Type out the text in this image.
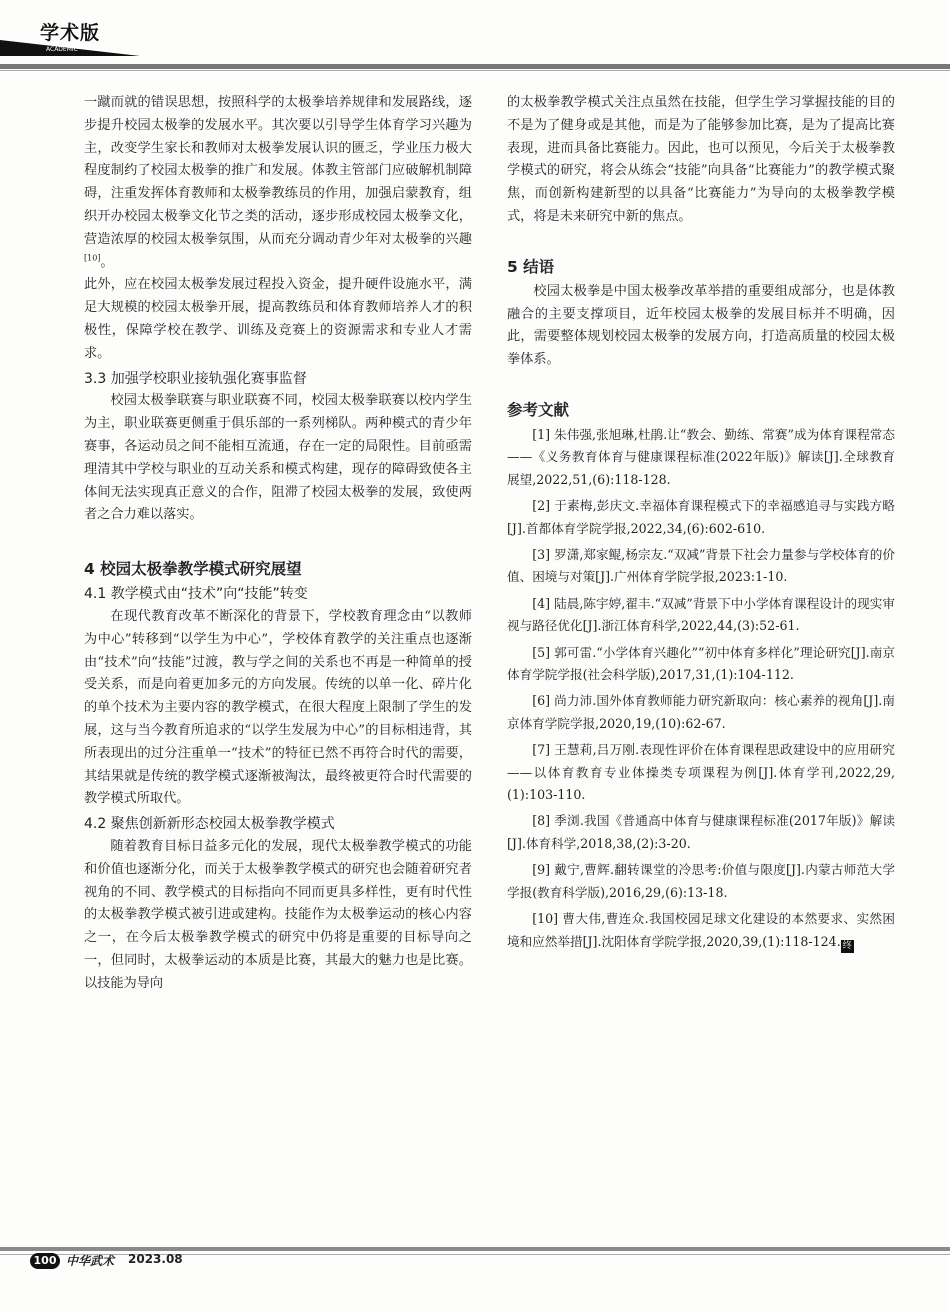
学术版
ACADEMIC

一蹴而就的错误思想，按照科学的太极拳培养规律和发展路线，逐步提升校园太极拳的发展水平。其次要以引导学生体育学习兴趣为主，改变学生家长和教师对太极拳发展认识的匮乏，学业压力极大程度制约了校园太极拳的推广和发展。体教主管部门应破解机制障碍，注重发挥体育教师和太极拳教练员的作用，加强启蒙教育，组织开办校园太极拳文化节之类的活动，逐步形成校园太极拳文化，营造浓厚的校园太极拳氛围，从而充分调动青少年对太极拳的兴趣[10]。

此外，应在校园太极拳发展过程投入资金，提升硬件设施水平，满足大规模的校园太极拳开展，提高教练员和体育教师培养人才的积极性，保障学校在教学、训练及竞赛上的资源需求和专业人才需求。

3.3 加强学校职业接轨强化赛事监督

校园太极拳联赛与职业联赛不同，校园太极拳联赛以校内学生为主，职业联赛更侧重于俱乐部的一系列梯队。两种模式的青少年赛事，各运动员之间不能相互流通，存在一定的局限性。目前亟需理清其中学校与职业的互动关系和模式构建，现存的障碍致使各主体间无法实现真正意义的合作，阻滞了校园太极拳的发展，致使两者之合力难以落实。

4 校园太极拳教学模式研究展望
4.1 教学模式由“技术”向“技能”转变

在现代教育改革不断深化的背景下，学校教育理念由“以教师为中心”转移到“以学生为中心”，学校体育教学的关注重点也逐渐由“技术”向“技能”过渡，教与学之间的关系也不再是一种简单的授受关系，而是向着更加多元的方向发展。传统的以单一化、碎片化的单个技术为主要内容的教学模式，在很大程度上限制了学生的发展，这与当今教育所追求的“以学生发展为中心”的目标相违背，其所表现出的过分注重单一“技术”的特征已然不再符合时代的需要，其结果就是传统的教学模式逐渐被淘汰，最终被更符合时代需要的教学模式所取代。

4.2 聚焦创新新形态校园太极拳教学模式

随着教育目标日益多元化的发展，现代太极拳教学模式的功能和价值也逐渐分化，而关于太极拳教学模式的研究也会随着研究者视角的不同、教学模式的目标指向不同而更具多样性，更有时代性的太极拳教学模式被引进或建构。技能作为太极拳运动的核心内容之一，在今后太极拳教学模式的研究中仍将是重要的目标导向之一，但同时，太极拳运动的本质是比赛，其最大的魅力也是比赛。以技能为导向

的太极拳教学模式关注点虽然在技能，但学生学习掌握技能的目的不是为了健身或是其他，而是为了能够参加比赛，是为了提高比赛表现，进而具备比赛能力。因此，也可以预见，今后关于太极拳教学模式的研究，将会从练会“技能”向具备“比赛能力”的教学模式聚焦，而创新构建新型的以具备“比赛能力”为导向的太极拳教学模式，将是未来研究中新的焦点。

5 结语

校园太极拳是中国太极拳改革举措的重要组成部分，也是体教融合的主要支撑项目，近年校园太极拳的发展目标并不明确，因此，需要整体规划校园太极拳的发展方向，打造高质量的校园太极拳体系。

参考文献

[1] 朱伟强,张旭琳,杜鹃.让“教会、勤练、常赛”成为体育课程常态——《义务教育体育与健康课程标准(2022年版)》解读[J].全球教育展望,2022,51,(6):118-128.

[2] 于素梅,彭庆文.幸福体育课程模式下的幸福感追寻与实践方略[J].首都体育学院学报,2022,34,(6):602-610.

[3] 罗潇,郑家鲲,杨宗友.“双减”背景下社会力量参与学校体育的价值、困境与对策[J].广州体育学院学报,2023:1-10.

[4] 陆晨,陈宇婷,翟丰.“双减”背景下中小学体育课程设计的现实审视与路径优化[J].浙江体育科学,2022,44,(3):52-61.

[5] 郭可雷.“小学体育兴趣化”“初中体育多样化”理论研究[J].南京体育学院学报(社会科学版),2017,31,(1):104-112.

[6] 尚力沛.国外体育教师能力研究新取向：核心素养的视角[J].南京体育学院学报,2020,19,(10):62-67.

[7] 王慧莉,吕万刚.表现性评价在体育课程思政建设中的应用研究——以体育教育专业体操类专项课程为例[J].体育学刊,2022,29,(1):103-110.

[8] 季浏.我国《普通高中体育与健康课程标准(2017年版)》解读[J].体育科学,2018,38,(2):3-20.

[9] 戴宁,曹辉.翻转课堂的冷思考:价值与限度[J].内蒙古师范大学学报(教育科学版),2016,29,(6):13-18.

[10] 曹大伟,曹连众.我国校园足球文化建设的本然要求、实然困境和应然举措[J].沈阳体育学院学报,2020,39,(1):118-124. 终

100 中华武术 2023.08
